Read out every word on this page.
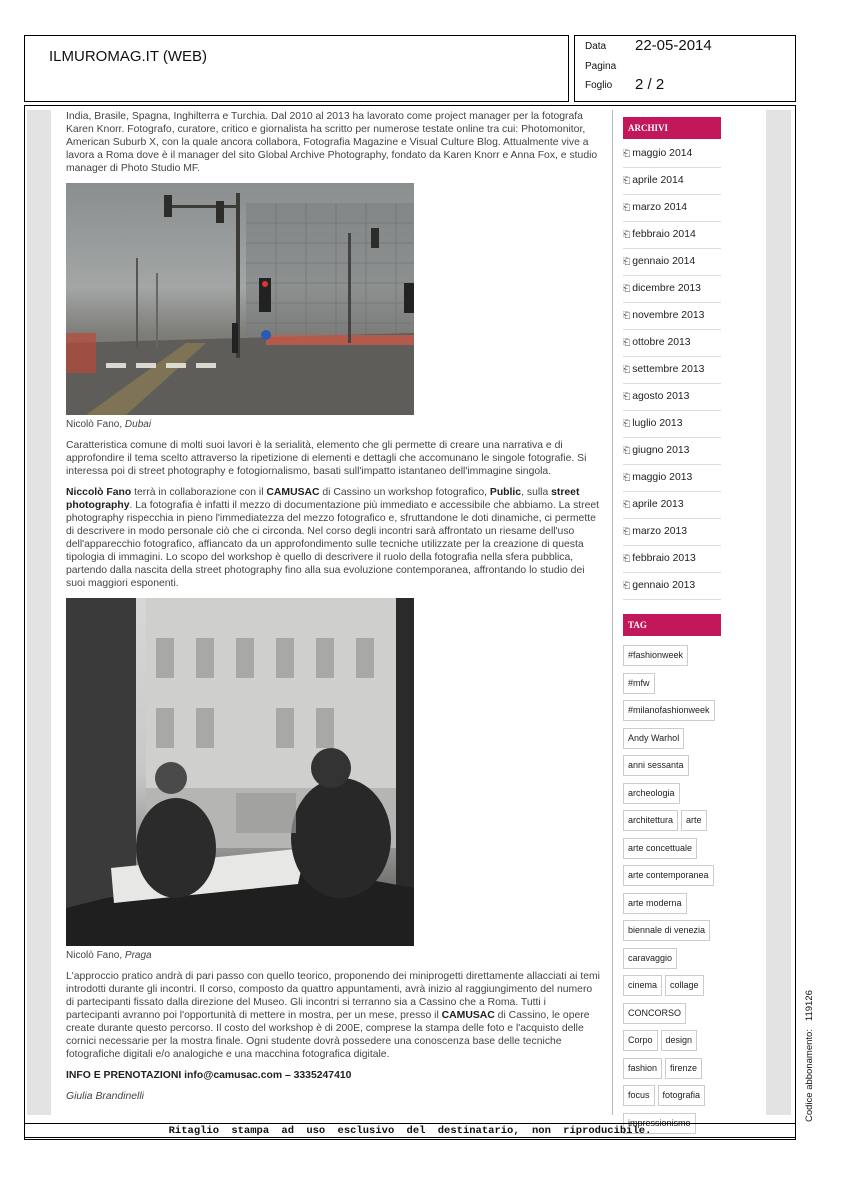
ILMUROMAG.IT (WEB)
Data 22-05-2014
Pagina
Foglio 2 / 2

India, Brasile, Spagna, Inghilterra e Turchia. Dal 2010 al 2013 ha lavorato come project manager per la fotografa Karen Knorr. Fotografo, curatore, critico e giornalista ha scritto per numerose testate online tra cui: Photomonitor, American Suburb X, con la quale ancora collabora, Fotografia Magazine e Visual Culture Blog. Attualmente vive a lavora a Roma dove è il manager del sito Global Archive Photography, fondato da Karen Knorr e Anna Fox, e studio manager di Photo Studio MF.

Nicolò Fano, Dubai

Caratteristica comune di molti suoi lavori è la serialità, elemento che gli permette di creare una narrativa e di approfondire il tema scelto attraverso la ripetizione di elementi e dettagli che accomunano le singole fotografie. Si interessa poi di street photography e fotogiornalismo, basati sull'impatto istantaneo dell'immagine singola.

Niccolò Fano terrà in collaborazione con il CAMUSAC di Cassino un workshop fotografico, Public, sulla street photography. La fotografia è infatti il mezzo di documentazione più immediato e accessibile che abbiamo. La street photography rispecchia in pieno l'immediatezza del mezzo fotografico e, sfruttandone le doti dinamiche, ci permette di descrivere in modo personale ciò che ci circonda. Nel corso degli incontri sarà affrontato un riesame dell'uso dell'apparecchio fotografico, affiancato da un approfondimento sulle tecniche utilizzate per la creazione di questa tipologia di immagini. Lo scopo del workshop è quello di descrivere il ruolo della fotografia nella sfera pubblica, partendo dalla nascita della street photography fino alla sua evoluzione contemporanea, affrontando lo studio dei suoi maggiori esponenti.

Nicolò Fano, Praga

L'approccio pratico andrà di pari passo con quello teorico, proponendo dei miniprogetti direttamente allacciati ai temi introdotti durante gli incontri. Il corso, composto da quattro appuntamenti, avrà inizio al raggiungimento del numero di partecipanti fissato dalla direzione del Museo. Gli incontri si terranno sia a Cassino che a Roma. Tutti i partecipanti avranno poi l'opportunità di mettere in mostra, per un mese, presso il CAMUSAC di Cassino, le opere create durante questo percorso. Il costo del workshop è di 200E, comprese la stampa delle foto e l'acquisto delle cornici necessarie per la mostra finale. Ogni studente dovrà possedere una conoscenza base delle tecniche fotografiche digitali e/o analogiche e una macchina fotografica digitale.

INFO E PRENOTAZIONI info@camusac.com – 3335247410

Giulia Brandinelli

ARCHIVI
⎗ maggio 2014
⎗ aprile 2014
⎗ marzo 2014
⎗ febbraio 2014
⎗ gennaio 2014
⎗ dicembre 2013
⎗ novembre 2013
⎗ ottobre 2013
⎗ settembre 2013
⎗ agosto 2013
⎗ luglio 2013
⎗ giugno 2013
⎗ maggio 2013
⎗ aprile 2013
⎗ marzo 2013
⎗ febbraio 2013
⎗ gennaio 2013
TAG
#fashionweek
#mfw
#milanofashionweek
Andy Warhol
anni sessanta
archeologia
architettura arte
arte concettuale
arte contemporanea
arte moderna
biennale di venezia
caravaggio
cinema collage
CONCORSO
Corpo design
fashion firenze
focus fotografia
impressionismo
Ritaglio stampa ad uso esclusivo del destinatario, non riproducibile.
Codice abbonamento:   119126
